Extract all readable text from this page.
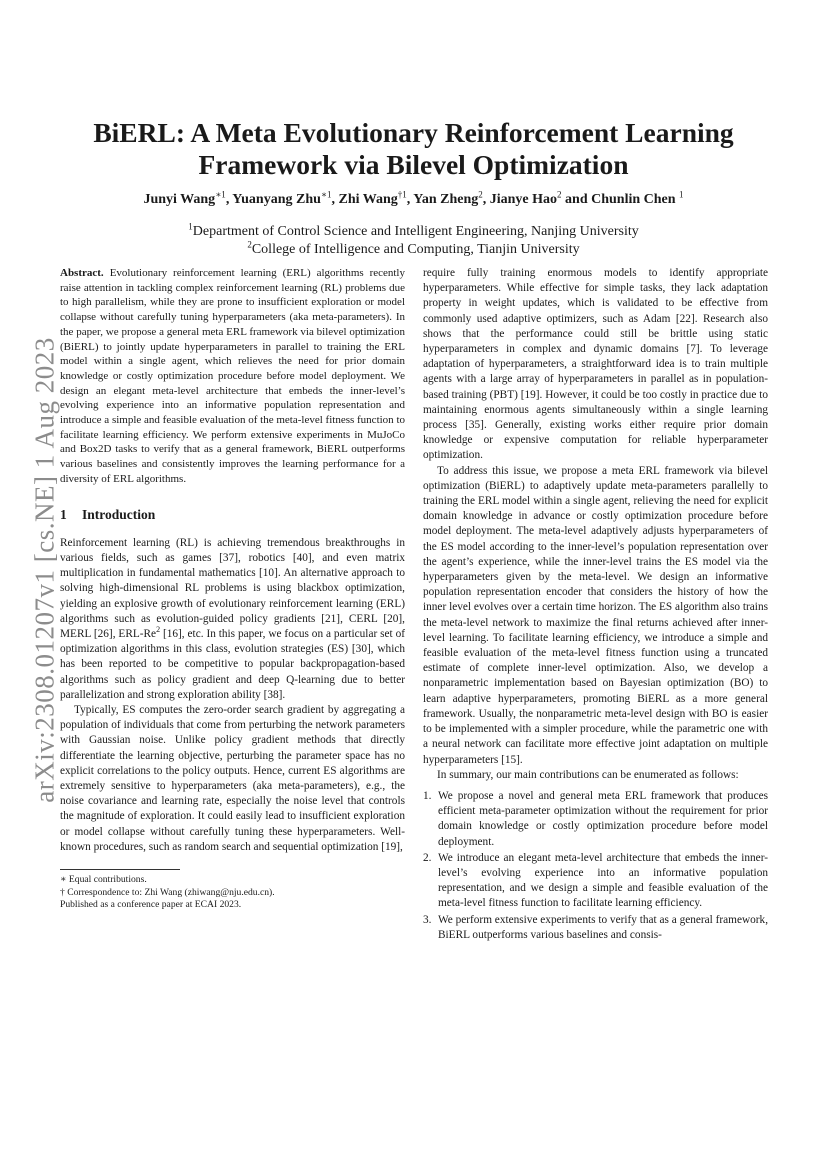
arXiv:2308.01207v1 [cs.NE] 1 Aug 2023
BiERL: A Meta Evolutionary Reinforcement Learning
Framework via Bilevel Optimization
Junyi Wang$^{∗1}$, Yuanyang Zhu$^{∗1}$, Zhi Wang$^{\dagger 1}$, Yan Zheng$^2$, Jianye Hao$^2$ and Chunlin Chen $^1$
$^1$Department of Control Science and Intelligent Engineering, Nanjing University
$^2$College of Intelligence and Computing, Tianjin University

Abstract. Evolutionary reinforcement learning (ERL) algorithms recently raise attention in tackling complex reinforcement learning (RL) problems due to high parallelism, while they are prone to insufficient exploration or model collapse without carefully tuning hyperparameters (aka meta-parameters). In the paper, we propose a general meta ERL framework via bilevel optimization (BiERL) to jointly update hyperparameters in parallel to training the ERL model within a single agent, which relieves the need for prior domain knowledge or costly optimization procedure before model deployment. We design an elegant meta-level architecture that embeds the inner-level’s evolving experience into an informative population representation and introduce a simple and feasible evaluation of the meta-level fitness function to facilitate learning efficiency. We perform extensive experiments in MuJoCo and Box2D tasks to verify that as a general framework, BiERL outperforms various baselines and consistently improves the learning performance for a diversity of ERL algorithms.

1 Introduction

Reinforcement learning (RL) is achieving tremendous breakthroughs in various fields, such as games [37], robotics [40], and even matrix multiplication in fundamental mathematics [10]. An alternative approach to solving high-dimensional RL problems is using blackbox optimization, yielding an explosive growth of evolutionary reinforcement learning (ERL) algorithms such as evolution-guided policy gradients [21], CERL [20], MERL [26], ERL-Re$^2$ [16], etc. In this paper, we focus on a particular set of optimization algorithms in this class, evolution strategies (ES) [30], which has been reported to be competitive to popular backpropagation-based algorithms such as policy gradient and deep Q-learning due to better parallelization and strong exploration ability [38].

Typically, ES computes the zero-order search gradient by aggregating a population of individuals that come from perturbing the network parameters with Gaussian noise. Unlike policy gradient methods that directly differentiate the learning objective, perturbing the parameter space has no explicit correlations to the policy outputs. Hence, current ES algorithms are extremely sensitive to hyperparameters (aka meta-parameters), e.g., the noise covariance and learning rate, especially the noise level that controls the magnitude of exploration. It could easily lead to insufficient exploration or model collapse without carefully tuning these hyperparameters. Well-known procedures, such as random search and sequential optimization [19],

∗ Equal contributions.
† Correspondence to: Zhi Wang (zhiwang@nju.edu.cn).
Published as a conference paper at ECAI 2023.

require fully training enormous models to identify appropriate hyperparameters. While effective for simple tasks, they lack adaptation property in weight updates, which is validated to be effective from commonly used adaptive optimizers, such as Adam [22]. Research also shows that the performance could still be brittle using static hyperparameters in complex and dynamic domains [7]. To leverage adaptation of hyperparameters, a straightforward idea is to train multiple agents with a large array of hyperparameters in parallel as in population-based training (PBT) [19]. However, it could be too costly in practice due to maintaining enormous agents simultaneously within a single learning process [35]. Generally, existing works either require prior domain knowledge or expensive computation for reliable hyperparameter optimization.

To address this issue, we propose a meta ERL framework via bilevel optimization (BiERL) to adaptively update meta-parameters parallelly to training the ERL model within a single agent, relieving the need for explicit domain knowledge in advance or costly optimization procedure before model deployment. The meta-level adaptively adjusts hyperparameters of the ES model according to the inner-level’s population representation over the agent’s experience, while the inner-level trains the ES model via the hyperparameters given by the meta-level. We design an informative population representation encoder that considers the history of how the inner level evolves over a certain time horizon. The ES algorithm also trains the meta-level network to maximize the final returns achieved after inner-level learning. To facilitate learning efficiency, we introduce a simple and feasible evaluation of the meta-level fitness function using a truncated estimate of complete inner-level optimization. Also, we develop a nonparametric implementation based on Bayesian optimization (BO) to learn adaptive hyperparameters, promoting BiERL as a more general framework. Usually, the nonparametric meta-level design with BO is easier to be implemented with a simpler procedure, while the parametric one with a neural network can facilitate more effective joint adaptation on multiple hyperparameters [15].

In summary, our main contributions can be enumerated as follows:

1. We propose a novel and general meta ERL framework that produces efficient meta-parameter optimization without the requirement for prior domain knowledge or costly optimization procedure before model deployment.
2. We introduce an elegant meta-level architecture that embeds the inner-level’s evolving experience into an informative population representation, and we design a simple and feasible evaluation of the meta-level fitness function to facilitate learning efficiency.
3. We perform extensive experiments to verify that as a general framework, BiERL outperforms various baselines and consis-
